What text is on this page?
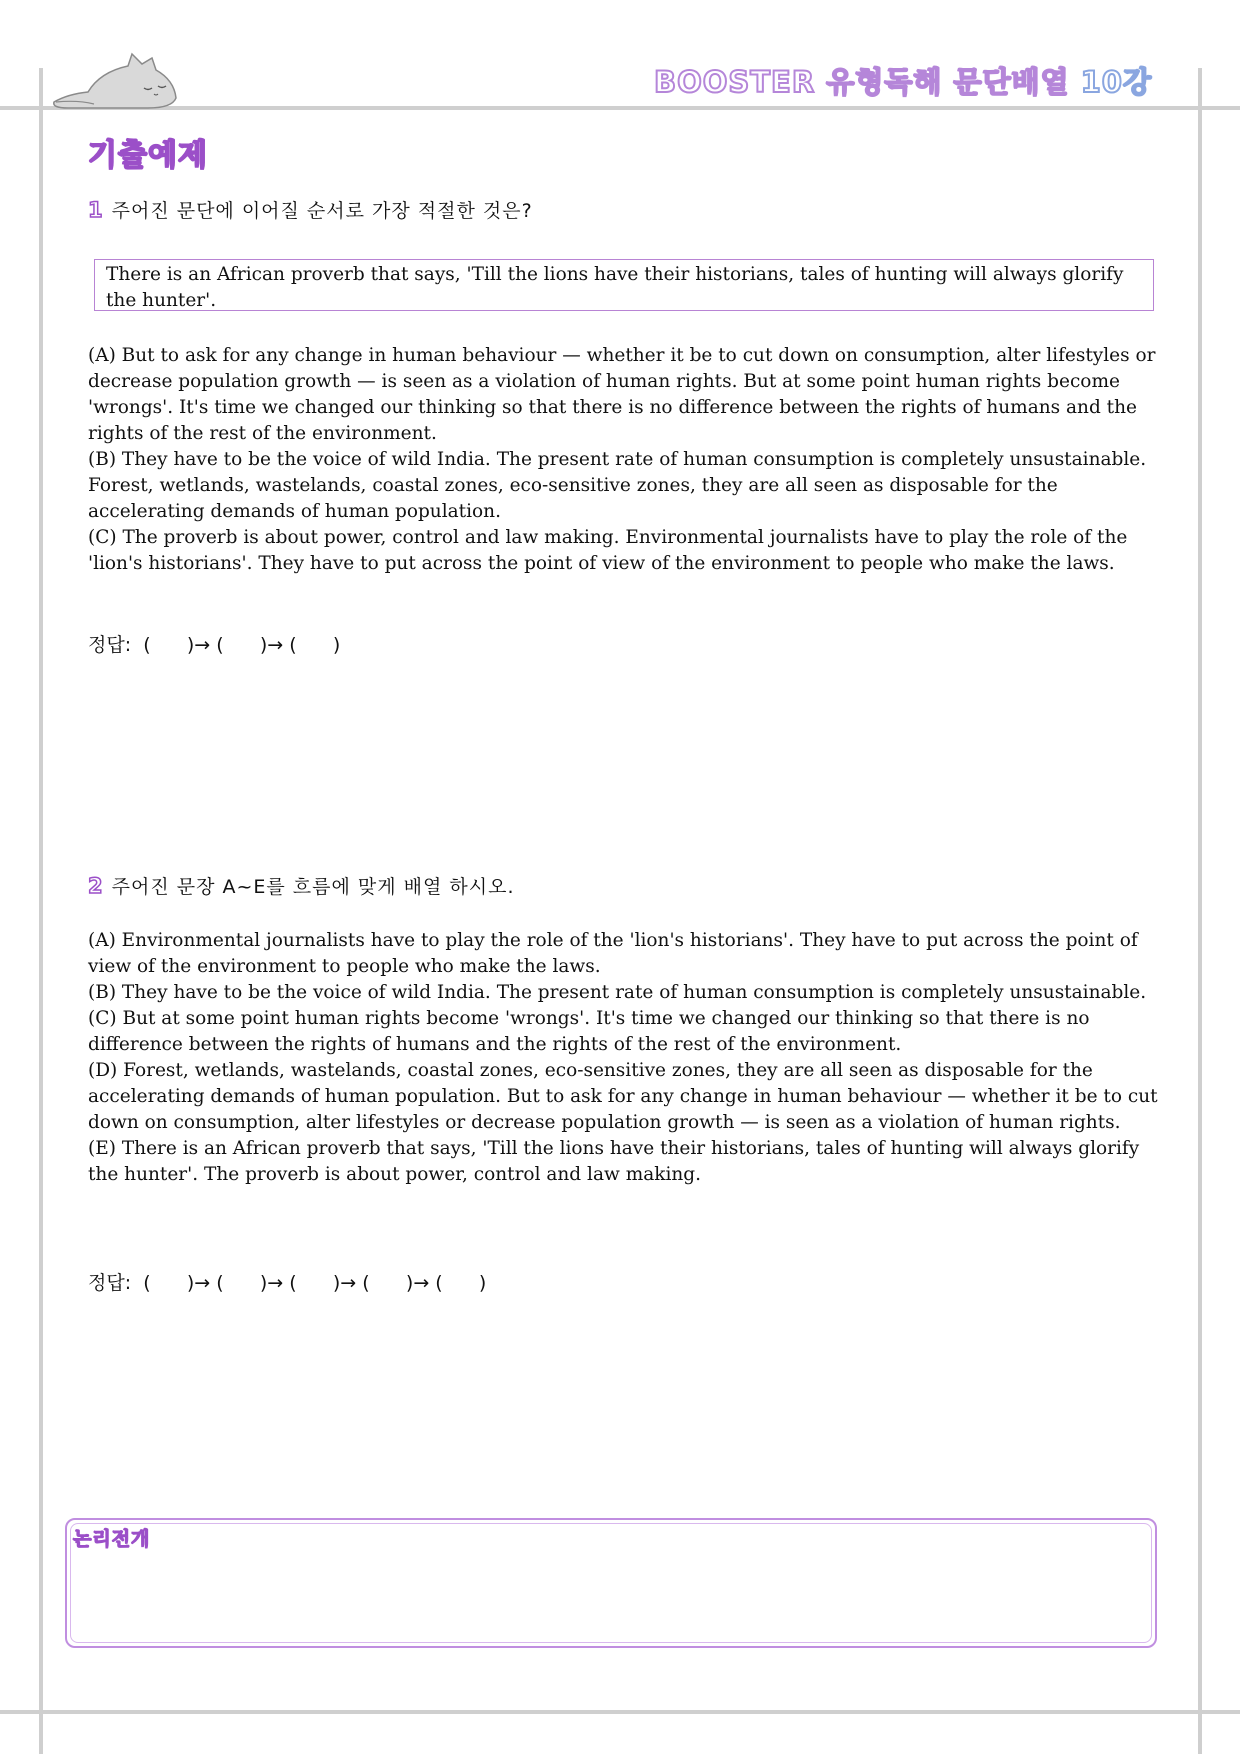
BOOSTER 유형독해 문단배열 10강
기출예제
1 주어진 문단에 이어질 순서로 가장 적절한 것은?
There is an African proverb that says, 'Till the lions have their historians, tales of hunting will always glorify the hunter'.

(A) But to ask for any change in human behaviour — whether it be to cut down on consumption, alter lifestyles or decrease population growth — is seen as a violation of human rights. But at some point human rights become 'wrongs'. It's time we changed our thinking so that there is no difference between the rights of humans and the rights of the rest of the environment.

(B) They have to be the voice of wild India. The present rate of human consumption is completely unsustainable. Forest, wetlands, wastelands, coastal zones, eco-sensitive zones, they are all seen as disposable for the accelerating demands of human population.

(C) The proverb is about power, control and law making. Environmental journalists have to play the role of the 'lion's historians'. They have to put across the point of view of the environment to people who make the laws.

정답:  (      )→ (      )→ (      )
2 주어진 문장 A~E를 흐름에 맞게 배열 하시오.

(A) Environmental journalists have to play the role of the 'lion's historians'. They have to put across the point of view of the environment to people who make the laws.

(B) They have to be the voice of wild India. The present rate of human consumption is completely unsustainable.

(C) But at some point human rights become 'wrongs'. It's time we changed our thinking so that there is no difference between the rights of humans and the rights of the rest of the environment.

(D) Forest, wetlands, wastelands, coastal zones, eco-sensitive zones, they are all seen as disposable for the accelerating demands of human population. But to ask for any change in human behaviour — whether it be to cut down on consumption, alter lifestyles or decrease population growth — is seen as a violation of human rights.

(E) There is an African proverb that says, 'Till the lions have their historians, tales of hunting will always glorify the hunter'. The proverb is about power, control and law making.

정답:  (      )→ (      )→ (      )→ (      )→ (      )
논리전개
